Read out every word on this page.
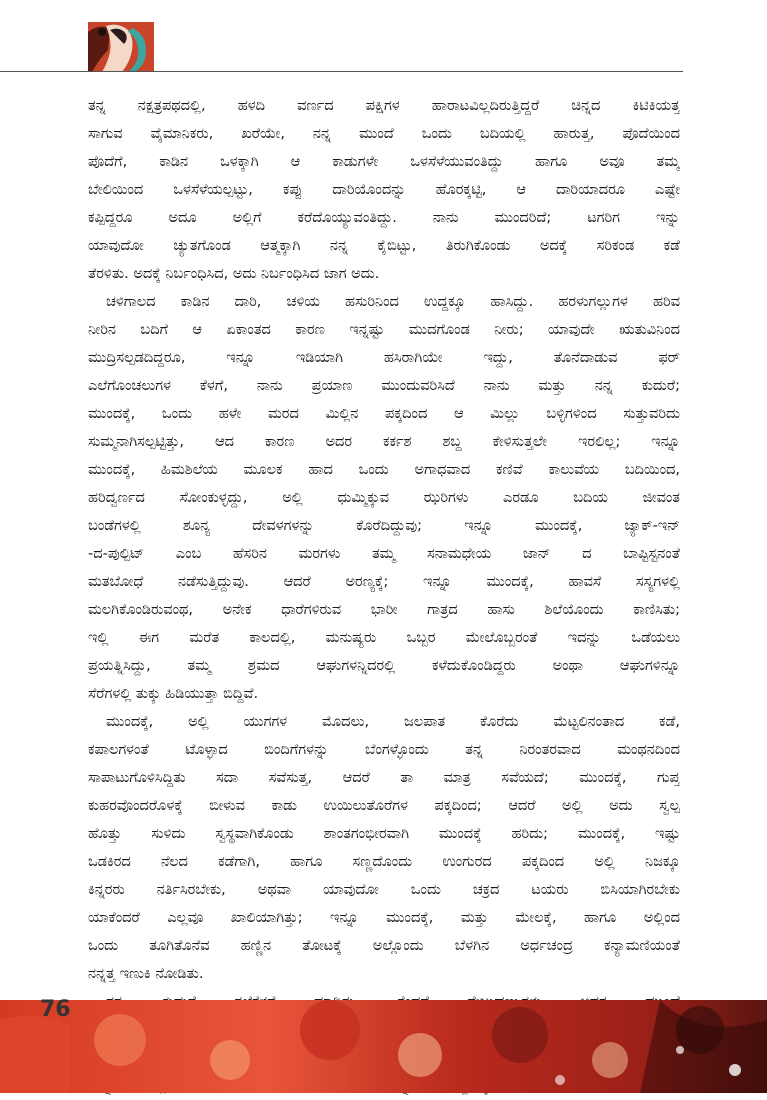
ತನ್ನ ನಕ್ಷತ್ರಪಥದಲ್ಲಿ, ಹಳದಿ ವರ್ಣದ ಪಕ್ಷಿಗಳ ಹಾರಾಟವಿಲ್ಲದಿರುತ್ತಿದ್ದರೆ ಚಿನ್ನದ ಕಿಟಿಕಿಯತ್ತ
ಸಾಗುವ ವೈಮಾನಿಕರು, ಖರೆಯೇ, ನನ್ನ ಮುಂದೆ ಒಂದು ಬದಿಯಲ್ಲಿ ಹಾರುತ್ತ, ಪೊದೆಯಿಂದ
ಪೊದೆಗೆ, ಕಾಡಿನ ಒಳಕ್ಕಾಗಿ ಆ ಕಾಡುಗಳೇ ಒಳಸೆಳೆಯುವಂತಿದ್ದು ಹಾಗೂ ಅವೂ ತಮ್ಮ
ಬೇಲಿಯಿಂದ ಒಳಸೆಳೆಯಲ್ಪಟ್ಟು, ಕಪ್ಪು ದಾರಿಯೊಂದನ್ನು ಹೊರಕ್ಕಟ್ಟಿ, ಆ ದಾರಿಯಾದರೂ ಎಷ್ಟೇ
ಕಪ್ಪಿದ್ದರೂ ಅದೂ ಅಲ್ಲಿಗೆ ಕರೆದೊಯ್ಯುವಂತಿದ್ದು. ನಾನು ಮುಂದರಿದೆ; ಟಗರಿಗ ಇನ್ನು
ಯಾವುದೋ ಚ್ಯುತಗೊಂಡ ಆತ್ಮಕ್ಕಾಗಿ ನನ್ನ ಕೈಬಿಟ್ಟು, ತಿರುಗಿಕೊಂಡು ಅದಕ್ಕೆ ಸರಿಕಂಡ ಕಡೆ
ತೆರಳಿತು. ಅದಕ್ಕೆ ನಿರ್ಬಂಧಿಸಿದ, ಅದು ನಿರ್ಬಂಧಿಸಿದ ಜಾಗ ಅದು.
ಚಳಿಗಾಲದ ಕಾಡಿನ ದಾರಿ, ಚಳಿಯ ಹಸುರಿನಿಂದ ಉದ್ದಕ್ಕೂ ಹಾಸಿದ್ದು. ಹರಳುಗಲ್ಲುಗಳ ಹರಿವ
ನೀರಿನ ಬದಿಗೆ ಆ ಏಕಾಂತದ ಕಾರಣ ಇನ್ನಷ್ಟು ಮುದಗೊಂಡ ನೀರು; ಯಾವುದೇ ಋತುವಿನಿಂದ
ಮುದ್ರಿಸಲ್ಪಡದಿದ್ದರೂ, ಇನ್ನೂ ಇಡಿಯಾಗಿ ಹಸಿರಾಗಿಯೇ ಇದ್ದು, ತೊನೆದಾಡುವ ಫರ್
ಎಲೆಗೊಂಚಲುಗಳ ಕೆಳಗೆ, ನಾನು ಪ್ರಯಾಣ ಮುಂದುವರಿಸಿದೆ ನಾನು ಮತ್ತು ನನ್ನ ಕುದುರೆ;
ಮುಂದಕ್ಕೆ, ಒಂದು ಹಳೇ ಮರದ ಮಿಲ್ಲಿನ ಪಕ್ಕದಿಂದ ಆ ಮಿಲ್ಲು ಬಳ್ಳಿಗಳಿಂದ ಸುತ್ತುವರಿದು
ಸುಮ್ಮನಾಗಿಸಲ್ಪಟ್ಟಿತ್ತು, ಆದ ಕಾರಣ ಅದರ ಕರ್ಕಶ ಶಬ್ದ ಕೇಳಿಸುತ್ತಲೇ ಇರಲಿಲ್ಲ; ಇನ್ನೂ
ಮುಂದಕ್ಕೆ, ಹಿಮಶಿಲೆಯ ಮೂಲಕ ಹಾದ ಒಂದು ಅಗಾಧವಾದ ಕಣಿವೆ ಕಾಲುವೆಯ ಬದಿಯಿಂದ,
ಹರಿದ್ವರ್ಣದ ಸೋಂಕುಳ್ಳದ್ದು, ಅಲ್ಲಿ ಧುಮ್ಮಿಕ್ಕುವ ಝರಿಗಳು ಎರಡೂ ಬದಿಯ ಜೀವಂತ
ಬಂಡೆಗಳಲ್ಲಿ ಶೂನ್ಯ ದೇವಳಗಳನ್ನು ಕೊರೆದಿದ್ದುವು; ಇನ್ನೂ ಮುಂದಕ್ಕೆ, ಜ್ಯಾಕ್-ಇನ್
-ದ-ಪುಲ್ಪಿಟ್ ಎಂಬ ಹೆಸರಿನ ಮರಗಳು ತಮ್ಮ ಸನಾಮಧೇಯ ಜಾನ್ ದ ಬಾಪ್ಟಿಸ್ಟನಂತೆ
ಮತಬೋಧೆ ನಡೆಸುತ್ತಿದ್ದುವು. ಆದರೆ ಅರಣ್ಯಕ್ಕೆ; ಇನ್ನೂ ಮುಂದಕ್ಕೆ, ಹಾವಸೆ ಸಸ್ಯಗಳಲ್ಲಿ
ಮಲಗಿಕೊಂಡಿರುವಂಥ, ಅನೇಕ ಧಾರೆಗಳಿರುವ ಭಾರೀ ಗಾತ್ರದ ಹಾಸು ಶಿಲೆಯೊಂದು ಕಾಣಿಸಿತು;
ಇಲ್ಲಿ ಈಗ ಮರೆತ ಕಾಲದಲ್ಲಿ, ಮನುಷ್ಯರು ಒಬ್ಬರ ಮೇಲೊಬ್ಬರಂತೆ ಇದನ್ನು ಒಡೆಯಲು
ಪ್ರಯತ್ನಿಸಿದ್ದು, ತಮ್ಮ ಶ್ರಮದ ಆಘುಗಳನ್ನಿದರಲ್ಲಿ ಕಳೆದುಕೊಂಡಿದ್ದರು ಅಂಥಾ ಆಘುಗಳಿನ್ನೂ
ಸೆರೆಗಳಲ್ಲಿ ತುಕ್ಕು ಹಿಡಿಯುತ್ತಾ ಬಿದ್ದಿವೆ.
ಮುಂದಕ್ಕೆ, ಅಲ್ಲಿ ಯುಗಗಳ ಮೊದಲು, ಜಲಪಾತ ಕೊರೆದು ಮೆಟ್ಟಲಿನಂತಾದ ಕಡೆ,
ಕಪಾಲಗಳಂತೆ ಟೊಳ್ಳಾದ ಬಿಂದಿಗೆಗಳನ್ನು ಬೆಂಗಳ್ಳೊಂದು ತನ್ನ ನಿರಂತರವಾದ ಮಂಥನದಿಂದ
ಸಾಪಾಟುಗೊಳಿಸಿದ್ದಿತು ಸದಾ ಸವೆಸುತ್ತ, ಆದರೆ ತಾ ಮಾತ್ರ ಸವೆಯದೆ; ಮುಂದಕ್ಕೆ, ಗುಪ್ತ
ಕುಹರವೊಂದರೊಳಕ್ಕೆ ಬೀಳುವ ಕಾಡು ಉಯಿಲುತೊರೆಗಳ ಪಕ್ಕದಿಂದ; ಆದರೆ ಅಲ್ಲಿ ಅದು ಸ್ವಲ್ಪ
ಹೊತ್ತು ಸುಳಿದು ಸ್ವಸ್ಥವಾಗಿಕೊಂಡು ಶಾಂತಗಂಭೀರವಾಗಿ ಮುಂದಕ್ಕೆ ಹರಿದು; ಮುಂದಕ್ಕೆ, ಇಷ್ಟು
ಒಡಕಿರದ ನೆಲದ ಕಡೆಗಾಗಿ, ಹಾಗೂ ಸಣ್ಣದೊಂದು ಉಂಗುರದ ಪಕ್ಕದಿಂದ ಅಲ್ಲಿ ನಿಜಕ್ಕೂ
ಕಿನ್ನರರು ನರ್ತಿಸಿರಬೇಕು, ಅಥವಾ ಯಾವುದೋ ಒಂದು ಚಕ್ರದ ಟಯರು ಬಿಸಿಯಾಗಿರಬೇಕು
ಯಾಕೆಂದರೆ ಎಲ್ಲವೂ ಖಾಲಿಯಾಗಿತ್ತು; ಇನ್ನೂ ಮುಂದಕ್ಕೆ, ಮತ್ತು ಮೇಲಕ್ಕೆ, ಹಾಗೂ ಅಲ್ಲಿಂದ
ಒಂದು ತೂಗಿತೊನೆವ ಹಣ್ಣಿನ ತೋಟಕ್ಕೆ ಅಲ್ಲೊಂದು ಬೆಳಗಿನ ಅರ್ಧಚಂದ್ರ ಕನ್ಯಾಮಣಿಯಂತೆ
ನನ್ನತ್ತ ಇಣುಕಿ ನೋಡಿತು.
76
